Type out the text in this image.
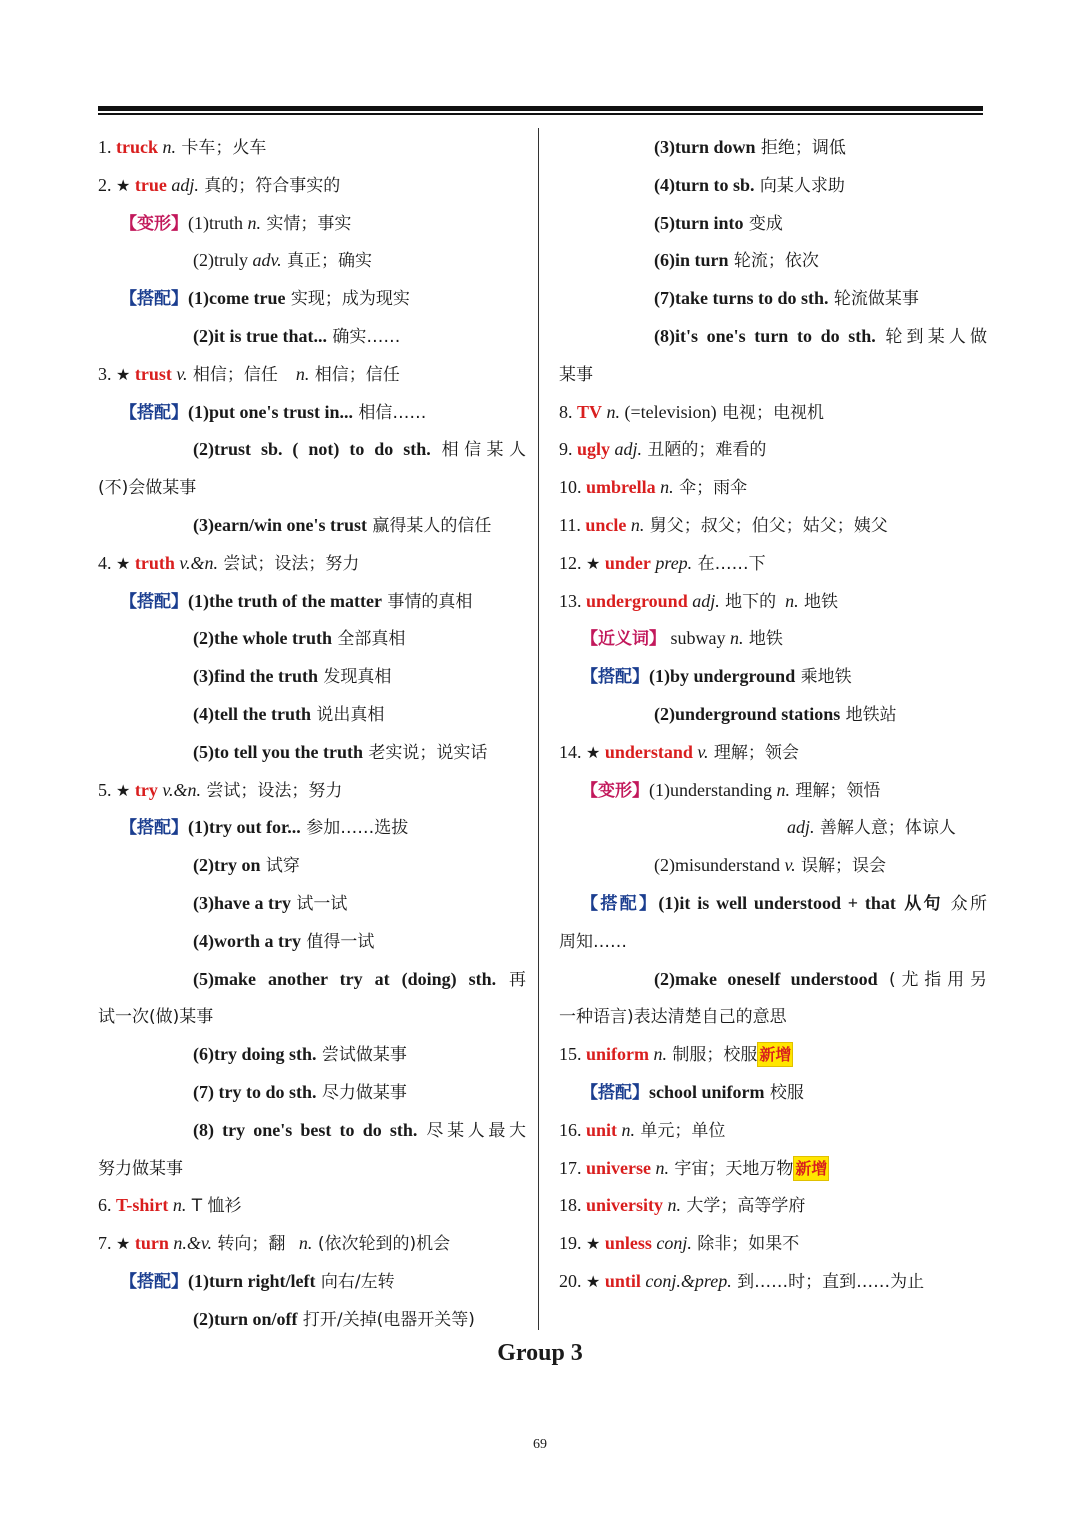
1. truck n. 卡车；火车
2. ★ true adj. 真的；符合事实的
【变形】(1)truth n. 实情；事实
(2)truly adv. 真正；确实
【搭配】(1)come true 实现；成为现实
(2)it is true that... 确实……
3. ★ trust v. 相信；信任 n. 相信；信任
【搭配】(1)put one's trust in... 相信……
(2)trust sb. ( not) to do sth. 相信某人
(不)会做某事
(3)earn/win one's trust 赢得某人的信任
4. ★ truth v.&n. 尝试；设法；努力
【搭配】(1)the truth of the matter 事情的真相
(2)the whole truth 全部真相
(3)find the truth 发现真相
(4)tell the truth 说出真相
(5)to tell you the truth 老实说；说实话
5. ★ try v.&n. 尝试；设法；努力
【搭配】(1)try out for... 参加……选拔
(2)try on 试穿
(3)have a try 试一试
(4)worth a try 值得一试
(5)make another try at (doing) sth. 再
试一次(做)某事
(6)try doing sth. 尝试做某事
(7) try to do sth. 尽力做某事
(8) try one's best to do sth. 尽某人最大
努力做某事
6. T-shirt n. T 恤衫
7. ★ turn n.&v. 转向；翻 n. (依次轮到的)机会
【搭配】(1)turn right/left 向右/左转
(2)turn on/off 打开/关掉(电器开关等)
(3)turn down 拒绝；调低
(4)turn to sb. 向某人求助
(5)turn into 变成
(6)in turn 轮流；依次
(7)take turns to do sth. 轮流做某事
(8)it's one's turn to do sth. 轮到某人做
某事
8. TV n. (=television) 电视；电视机
9. ugly adj. 丑陋的；难看的
10. umbrella n. 伞；雨伞
11. uncle n. 舅父；叔父；伯父；姑父；姨父
12. ★ under prep. 在……下
13. underground adj. 地下的 n. 地铁
【近义词】 subway n. 地铁
【搭配】(1)by underground 乘地铁
(2)underground stations 地铁站
14. ★ understand v. 理解；领会
【变形】(1)understanding n. 理解；领悟
adj. 善解人意；体谅人
(2)misunderstand v. 误解；误会
【搭配】(1)it is well understood + that 从句 众所
周知……
(2)make oneself understood (尤指用另
一种语言)表达清楚自己的意思
15. uniform n. 制服；校服 新增
【搭配】school uniform 校服
16. unit n. 单元；单位
17. universe n. 宇宙；天地万物 新增
18. university n. 大学；高等学府
19. ★ unless conj. 除非；如果不
20. ★ until conj.&prep. 到……时；直到……为止
Group 3
69
